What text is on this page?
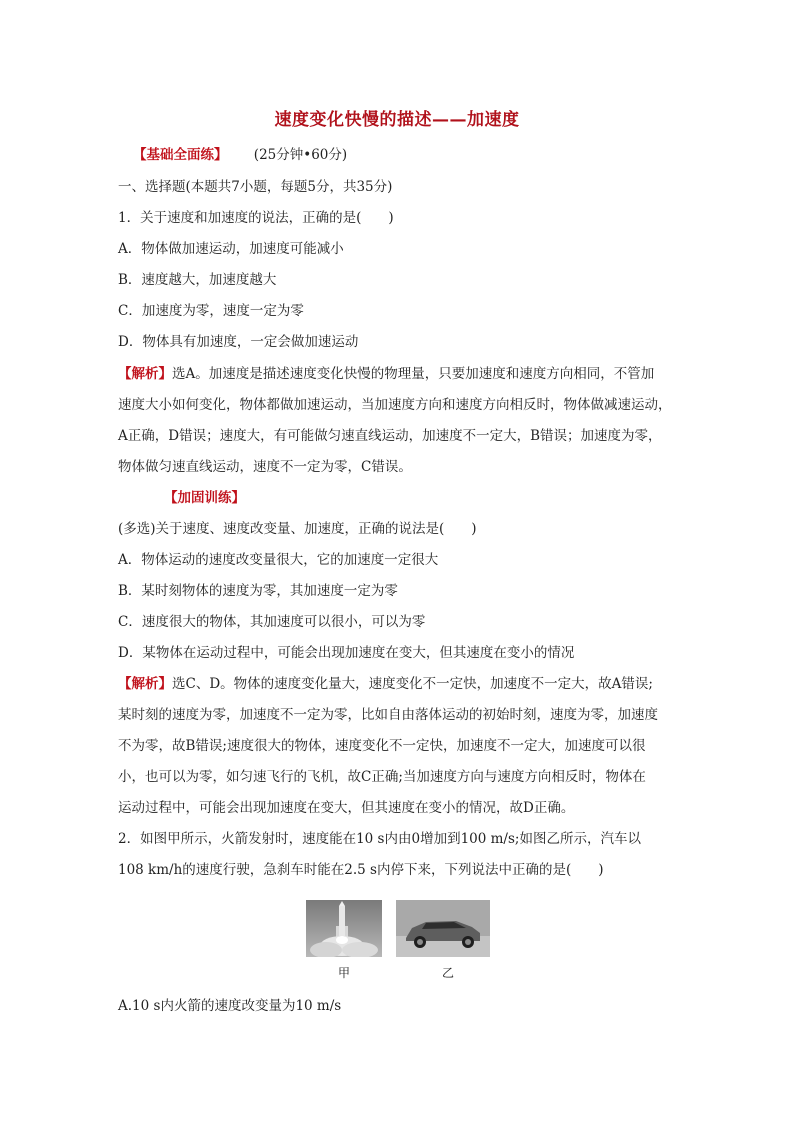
速度变化快慢的描述——加速度
【基础全面练】 (25分钟•60分)
一、选择题(本题共7小题，每题5分，共35分)
1．关于速度和加速度的说法，正确的是(　　)
A．物体做加速运动，加速度可能减小
B．速度越大，加速度越大
C．加速度为零，速度一定为零
D．物体具有加速度，一定会做加速运动
【解析】选A。加速度是描述速度变化快慢的物理量，只要加速度和速度方向相同，不管加
速度大小如何变化，物体都做加速运动，当加速度方向和速度方向相反时，物体做减速运动，
A正确，D错误；速度大，有可能做匀速直线运动，加速度不一定大，B错误；加速度为零，
物体做匀速直线运动，速度不一定为零，C错误。
【加固训练】
(多选)关于速度、速度改变量、加速度，正确的说法是(　　)
A．物体运动的速度改变量很大，它的加速度一定很大
B．某时刻物体的速度为零，其加速度一定为零
C．速度很大的物体，其加速度可以很小，可以为零
D．某物体在运动过程中，可能会出现加速度在变大，但其速度在变小的情况
【解析】选C、D。物体的速度变化量大，速度变化不一定快，加速度不一定大，故A错误;
某时刻的速度为零，加速度不一定为零，比如自由落体运动的初始时刻，速度为零，加速度
不为零，故B错误;速度很大的物体，速度变化不一定快，加速度不一定大，加速度可以很
小，也可以为零，如匀速飞行的飞机，故C正确;当加速度方向与速度方向相反时，物体在
运动过程中，可能会出现加速度在变大，但其速度在变小的情况，故D正确。
2．如图甲所示，火箭发射时，速度能在10 s内由0增加到100 m/s;如图乙所示，汽车以
108 km/h的速度行驶，急刹车时能在2.5 s内停下来，下列说法中正确的是(　　)
甲	乙
A.10 s内火箭的速度改变量为10 m/s
